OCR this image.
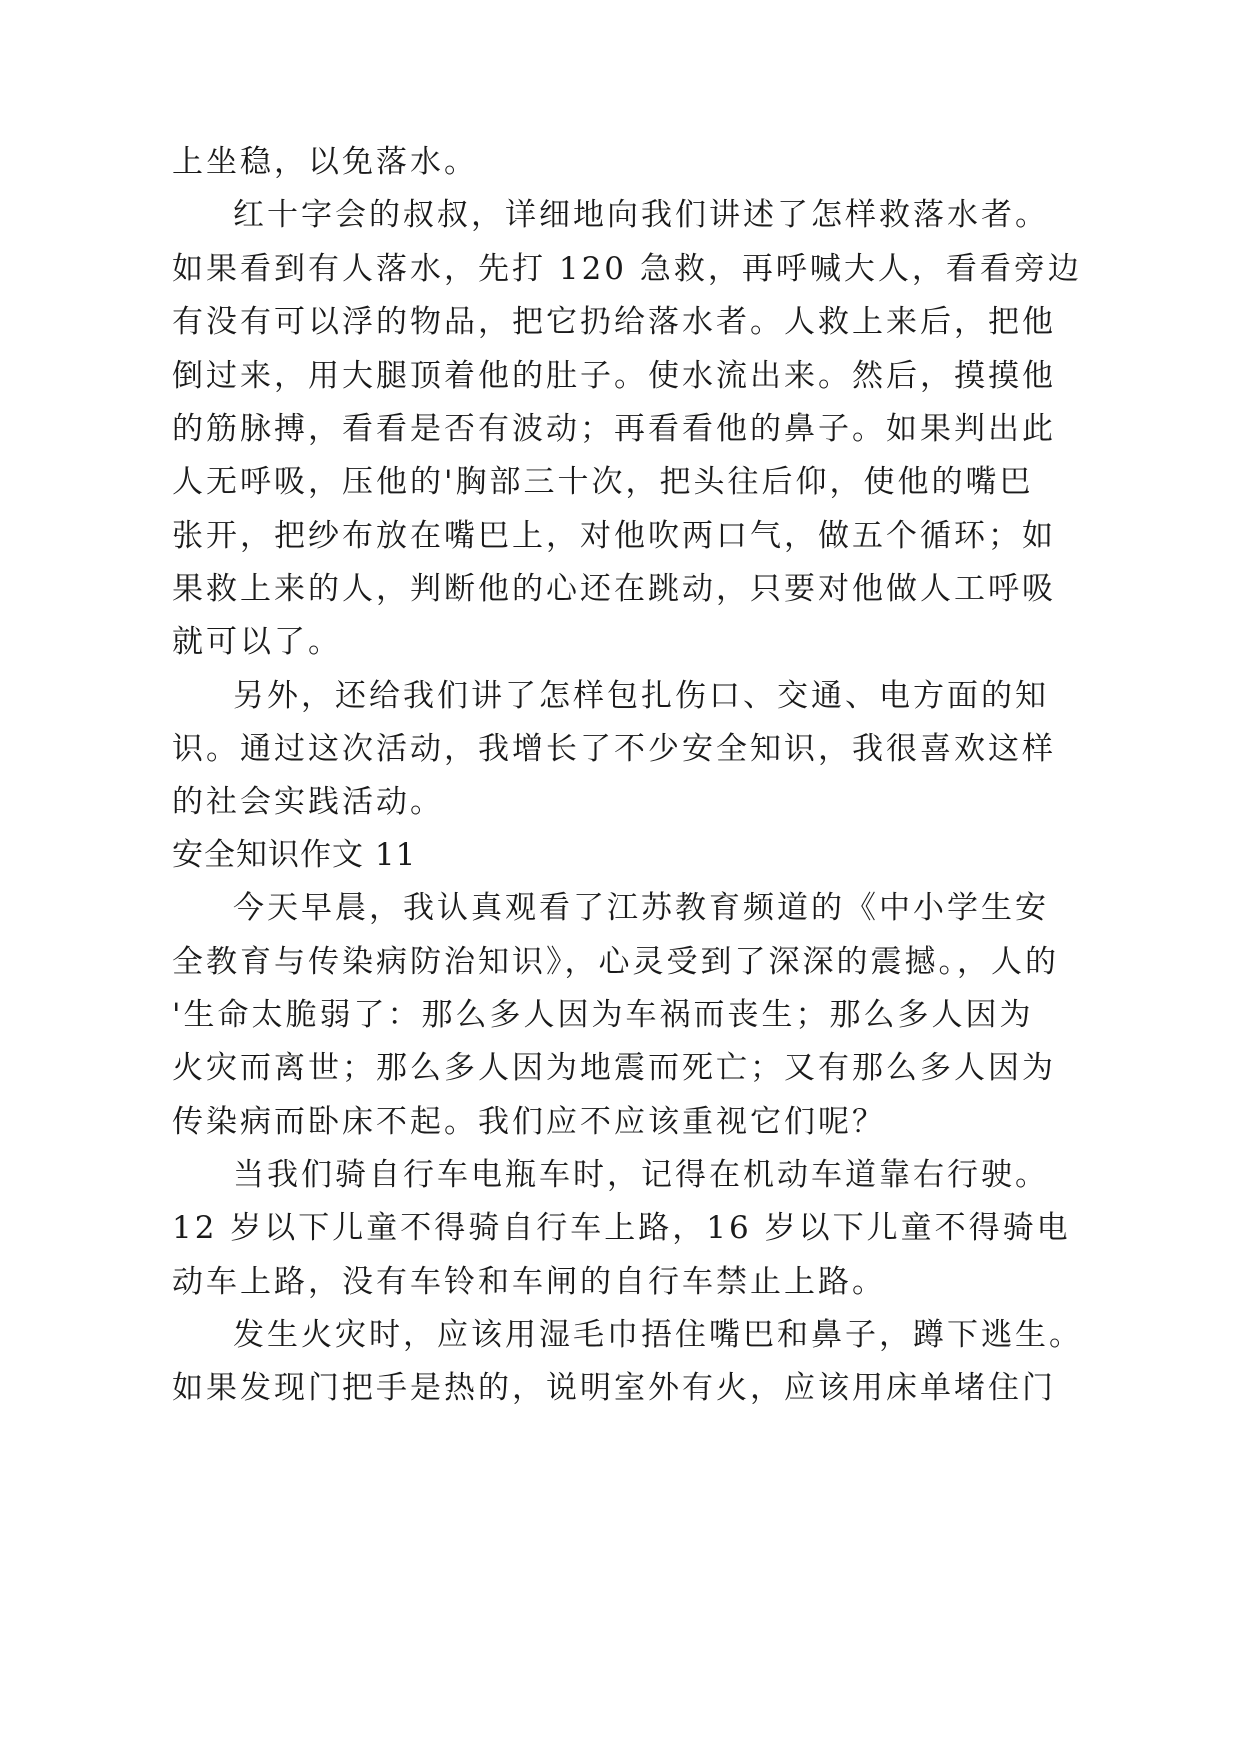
上坐稳，以免落水。
红十字会的叔叔，详细地向我们讲述了怎样救落水者。
如果看到有人落水，先打 120 急救，再呼喊大人，看看旁边
有没有可以浮的物品，把它扔给落水者。人救上来后，把他
倒过来，用大腿顶着他的肚子。使水流出来。然后，摸摸他
的筋脉搏，看看是否有波动；再看看他的鼻子。如果判出此
人无呼吸，压他的'胸部三十次，把头往后仰，使他的嘴巴
张开，把纱布放在嘴巴上，对他吹两口气，做五个循环；如
果救上来的人，判断他的心还在跳动，只要对他做人工呼吸
就可以了。
另外，还给我们讲了怎样包扎伤口、交通、电方面的知
识。通过这次活动，我增长了不少安全知识，我很喜欢这样
的社会实践活动。
安全知识作文 11
今天早晨，我认真观看了江苏教育频道的《中小学生安
全教育与传染病防治知识》，心灵受到了深深的震撼。，人的
'生命太脆弱了：那么多人因为车祸而丧生；那么多人因为
火灾而离世；那么多人因为地震而死亡；又有那么多人因为
传染病而卧床不起。我们应不应该重视它们呢？
当我们骑自行车电瓶车时，记得在机动车道靠右行驶。
12 岁以下儿童不得骑自行车上路，16 岁以下儿童不得骑电
动车上路，没有车铃和车闸的自行车禁止上路。
发生火灾时，应该用湿毛巾捂住嘴巴和鼻子，蹲下逃生。
如果发现门把手是热的，说明室外有火，应该用床单堵住门
